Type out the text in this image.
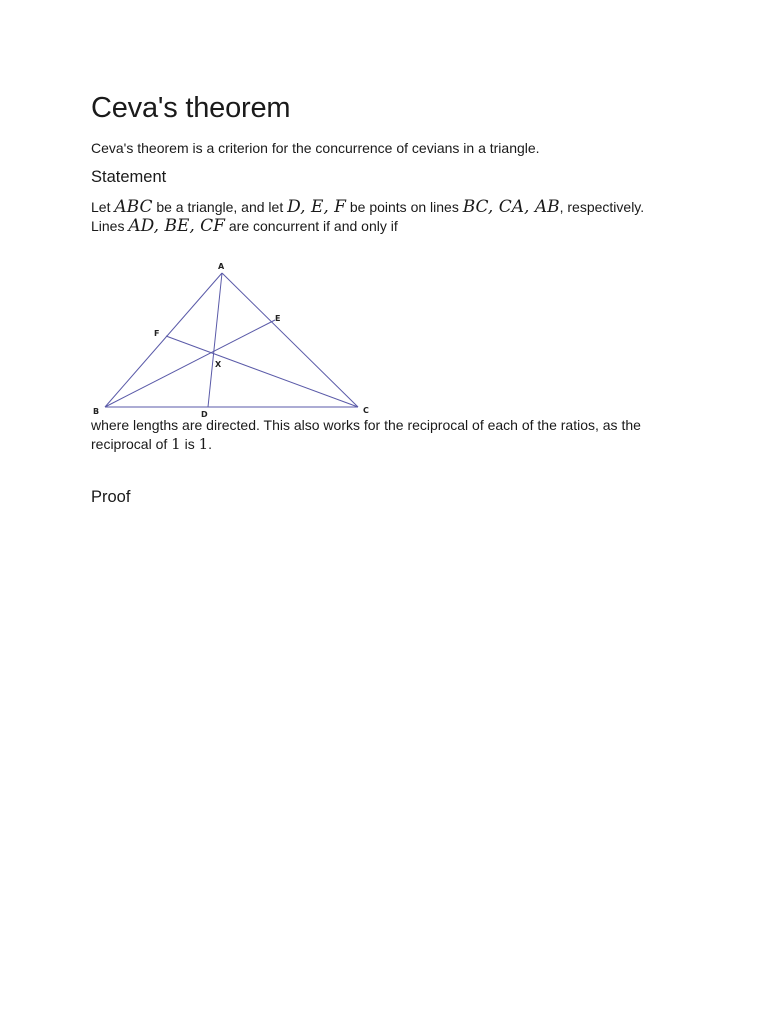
Ceva's theorem

Ceva's theorem is a criterion for the concurrence of cevians in a triangle.

Statement

Let ABC be a triangle, and let D, E, F be points on lines BC, CA, AB, respectively.
Lines AD, BE, CF are concurrent if and only if

A
B	C
D
E
F
X

where lengths are directed. This also works for the reciprocal of each of the ratios, as the
reciprocal of 1 is 1.

Proof
